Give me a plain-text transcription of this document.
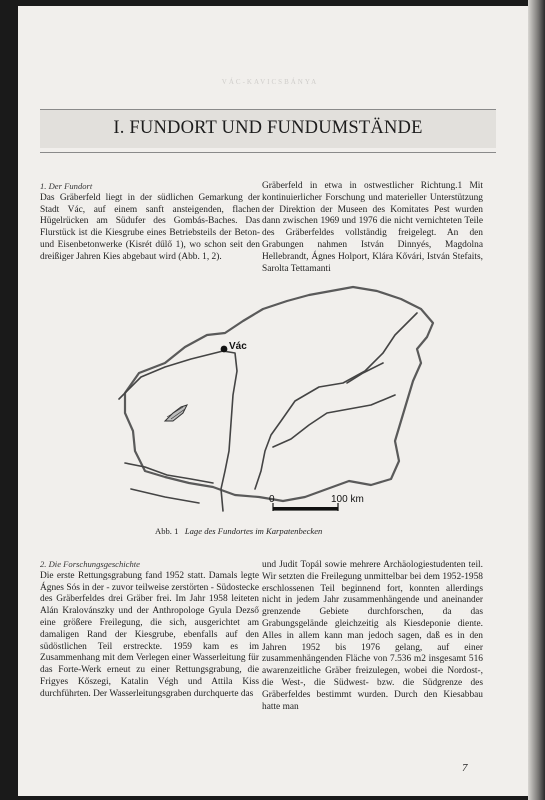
VÁC-KAVICSBÁNYA
I. FUNDORT UND FUNDUMSTÄNDE

1. Der Fundort

Das Gräberfeld liegt in der südlichen Gemarkung der Stadt Vác, auf einem sanft ansteigenden, flachen Hügelrücken am Südufer des Gombás-Baches. Das Flurstück ist die Kiesgrube eines Betriebsteils der Beton- und Eisenbetonwerke (Kisrét dűlő 1), wo schon seit den dreißiger Jahren Kies abgebaut wird (Abb. 1, 2).

Gräberfeld in etwa in ostwestlicher Richtung.1 Mit kontinuierlicher Forschung und materieller Unterstützung der Direktion der Museen des Komitates Pest wurden dann zwischen 1969 und 1976 die nicht vernichteten Teile des Gräberfeldes vollständig freigelegt. An den Grabungen nahmen István Dinnyés, Magdolna Hellebrandt, Ágnes Holport, Klára Kővári, István Stefaits, Sarolta Tettamanti

Vác
0	100 km
Abb. 1 Lage des Fundortes im Karpatenbecken

2. Die Forschungsgeschichte

Die erste Rettungsgrabung fand 1952 statt. Damals legte Ágnes Sós in der - zuvor teilweise zerstörten - Südostecke des Gräberfeldes drei Gräber frei. Im Jahr 1958 leiteten Alán Kralovánszky und der Anthropologe Gyula Dezső eine größere Freilegung, die sich, ausgerichtet am damaligen Rand der Kiesgrube, ebenfalls auf den südöstlichen Teil erstreckte. 1959 kam es im Zusammenhang mit dem Verlegen einer Wasserleitung für das Forte-Werk erneut zu einer Rettungsgrabung, die Frigyes Kőszegi, Katalin Végh und Attila Kiss durchführten. Der Wasserleitungsgraben durchquerte das

und Judit Topál sowie mehrere Archäologiestudenten teil. Wir setzten die Freilegung unmittelbar bei dem 1952-1958 erschlossenen Teil beginnend fort, konnten allerdings nicht in jedem Jahr zusammenhängende und aneinander grenzende Gebiete durchforschen, da das Grabungsgelände gleichzeitig als Kiesdeponie diente. Alles in allem kann man jedoch sagen, daß es in den Jahren 1952 bis 1976 gelang, auf einer zusammenhängenden Fläche von 7.536 m2 insgesamt 516 awarenzeitliche Gräber freizulegen, wobei die Nordost-, die West-, die Südwest- bzw. die Südgrenze des Gräberfeldes bestimmt wurden. Durch den Kiesabbau hatte man

7
